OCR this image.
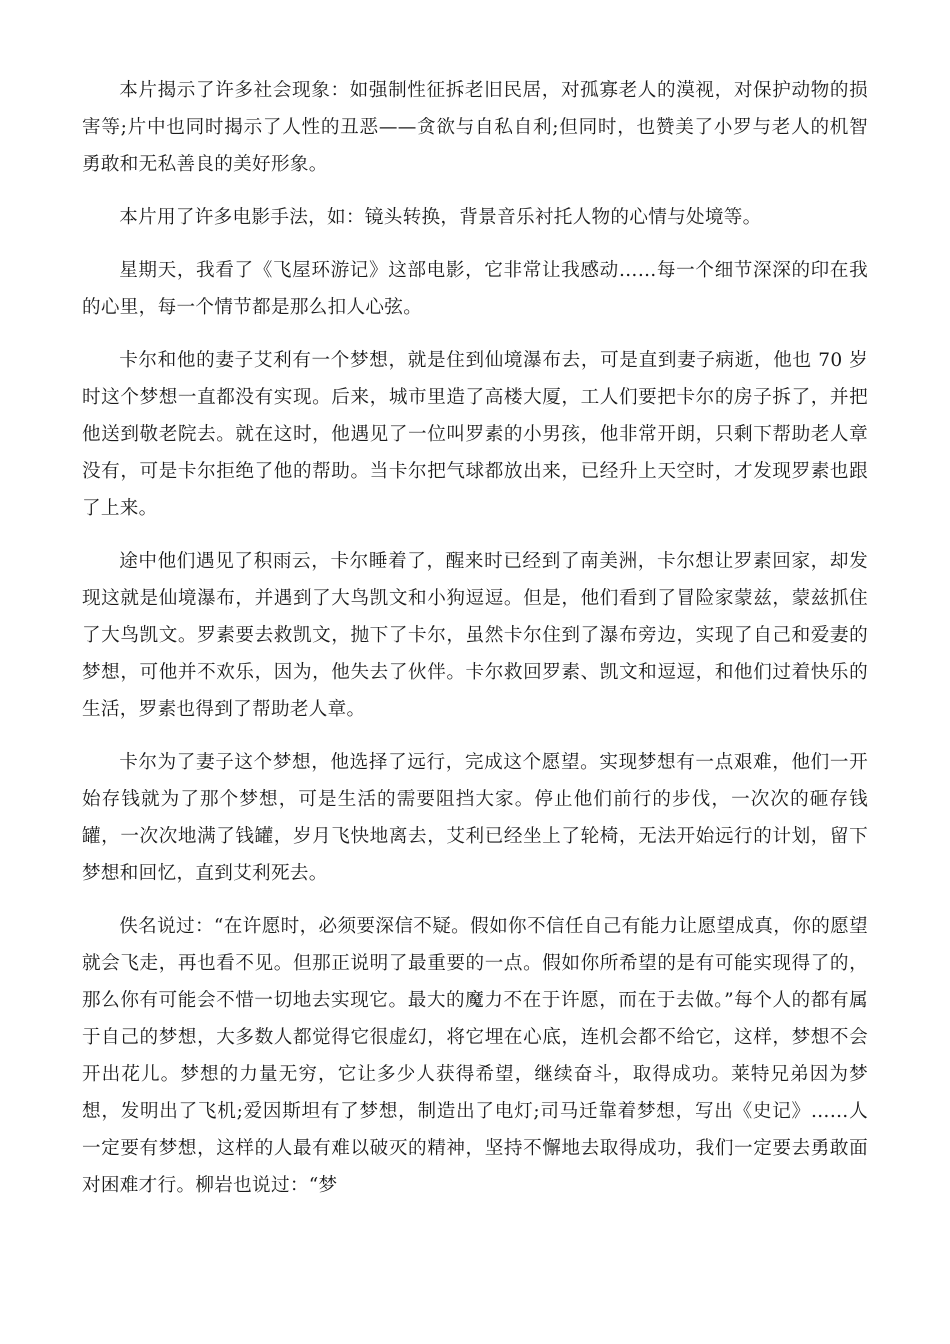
本片揭示了许多社会现象：如强制性征拆老旧民居，对孤寡老人的漠视，对保护动物的损害等;片中也同时揭示了人性的丑恶——贪欲与自私自利;但同时，也赞美了小罗与老人的机智勇敢和无私善良的美好形象。

本片用了许多电影手法，如：镜头转换，背景音乐衬托人物的心情与处境等。

星期天，我看了《飞屋环游记》这部电影，它非常让我感动……每一个细节深深的印在我的心里，每一个情节都是那么扣人心弦。

卡尔和他的妻子艾利有一个梦想，就是住到仙境瀑布去，可是直到妻子病逝，他也 70 岁时这个梦想一直都没有实现。后来，城市里造了高楼大厦，工人们要把卡尔的房子拆了，并把他送到敬老院去。就在这时，他遇见了一位叫罗素的小男孩，他非常开朗，只剩下帮助老人章没有，可是卡尔拒绝了他的帮助。当卡尔把气球都放出来，已经升上天空时，才发现罗素也跟了上来。

途中他们遇见了积雨云，卡尔睡着了，醒来时已经到了南美洲，卡尔想让罗素回家，却发现这就是仙境瀑布，并遇到了大鸟凯文和小狗逗逗。但是，他们看到了冒险家蒙兹，蒙兹抓住了大鸟凯文。罗素要去救凯文，抛下了卡尔，虽然卡尔住到了瀑布旁边，实现了自己和爱妻的梦想，可他并不欢乐，因为，他失去了伙伴。卡尔救回罗素、凯文和逗逗，和他们过着快乐的生活，罗素也得到了帮助老人章。

卡尔为了妻子这个梦想，他选择了远行，完成这个愿望。实现梦想有一点艰难，他们一开始存钱就为了那个梦想，可是生活的需要阻挡大家。停止他们前行的步伐，一次次的砸存钱罐，一次次地满了钱罐，岁月飞快地离去，艾利已经坐上了轮椅，无法开始远行的计划，留下梦想和回忆，直到艾利死去。

佚名说过：“在许愿时，必须要深信不疑。假如你不信任自己有能力让愿望成真，你的愿望就会飞走，再也看不见。但那正说明了最重要的一点。假如你所希望的是有可能实现得了的，那么你有可能会不惜一切地去实现它。最大的魔力不在于许愿，而在于去做。”每个人的都有属于自己的梦想，大多数人都觉得它很虚幻，将它埋在心底，连机会都不给它，这样，梦想不会开出花儿。梦想的力量无穷，它让多少人获得希望，继续奋斗，取得成功。莱特兄弟因为梦想，发明出了飞机;爱因斯坦有了梦想，制造出了电灯;司马迁靠着梦想，写出《史记》……人一定要有梦想，这样的人最有难以破灭的精神，坚持不懈地去取得成功，我们一定要去勇敢面对困难才行。柳岩也说过：“梦
